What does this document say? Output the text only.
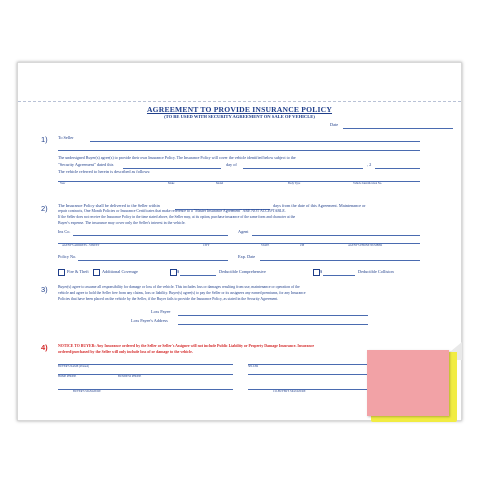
AGREEMENT TO PROVIDE INSURANCE POLICY
(TO BE USED WITH SECURITY AGREEMENT ON SALE OF VEHICLE)
Date
1) To Seller
The undersigned Buyer(s) agree(s) to provide their own Insurance Policy. The Insurance Policy will cover the vehicle identified below subject to the
"Security Agreement" dated this	day of	, 2
The vehicle referred to herein is described as follows:
Year	Make	Model	Body Type	Vehicle Identification No.
2) The Insurance Policy shall be delivered to the Seller within	days from the date of this Agreement. Maintenance or
repair contracts, One Month Policies or Insurance Certificates that make reference to a "Master Insurance Agreement" ARE NOT ACCEPTABLE.
If the Seller does not receive the Insurance Policy in the time stated above, the Seller may, at its option, purchase insurance of the same form and character at the
Buyer's expense. The insurance may cover only the Seller's interest in the vehicle.
Ins Co.	Agent
AGENT'S ADDRESS - STREET	CITY	STATE	ZIP	AGENT'S PHONE NUMBER
Policy No.	Exp. Date
Fire & Theft	Additional Coverage	$	Deductible Comprehensive	$	Deductible Collision
3)	Buyer(s) agree to assume all responsibility for damage or loss of the vehicle. This includes loss or damages resulting from use, maintenance or operation of the
vehicle and agree to hold the Seller free from any claims, loss or liability. Buyer(s) agree(s) to pay the Seller or its assignees any earned premiums, for any Insurance
Policies that have been placed on the vehicle by the Seller, if the Buyer fails to provide the Insurance Policy, as stated in the Security Agreement.
Loss Payee
Loss Payee's Address
4)	NOTICE TO BUYER: Any Insurance ordered by the Seller or Seller's Assignee will not include Public Liability or Property Damage Insurance. Insurance
ordered/purchased by the Seller will only include loss of or damage to the vehicle.
BUYER'S NAME (Printed)	SELLER
HOME PHONE	BUSINESS PHONE
BUYER'S SIGNATURE	CO-BUYER'S SIGNATURE
